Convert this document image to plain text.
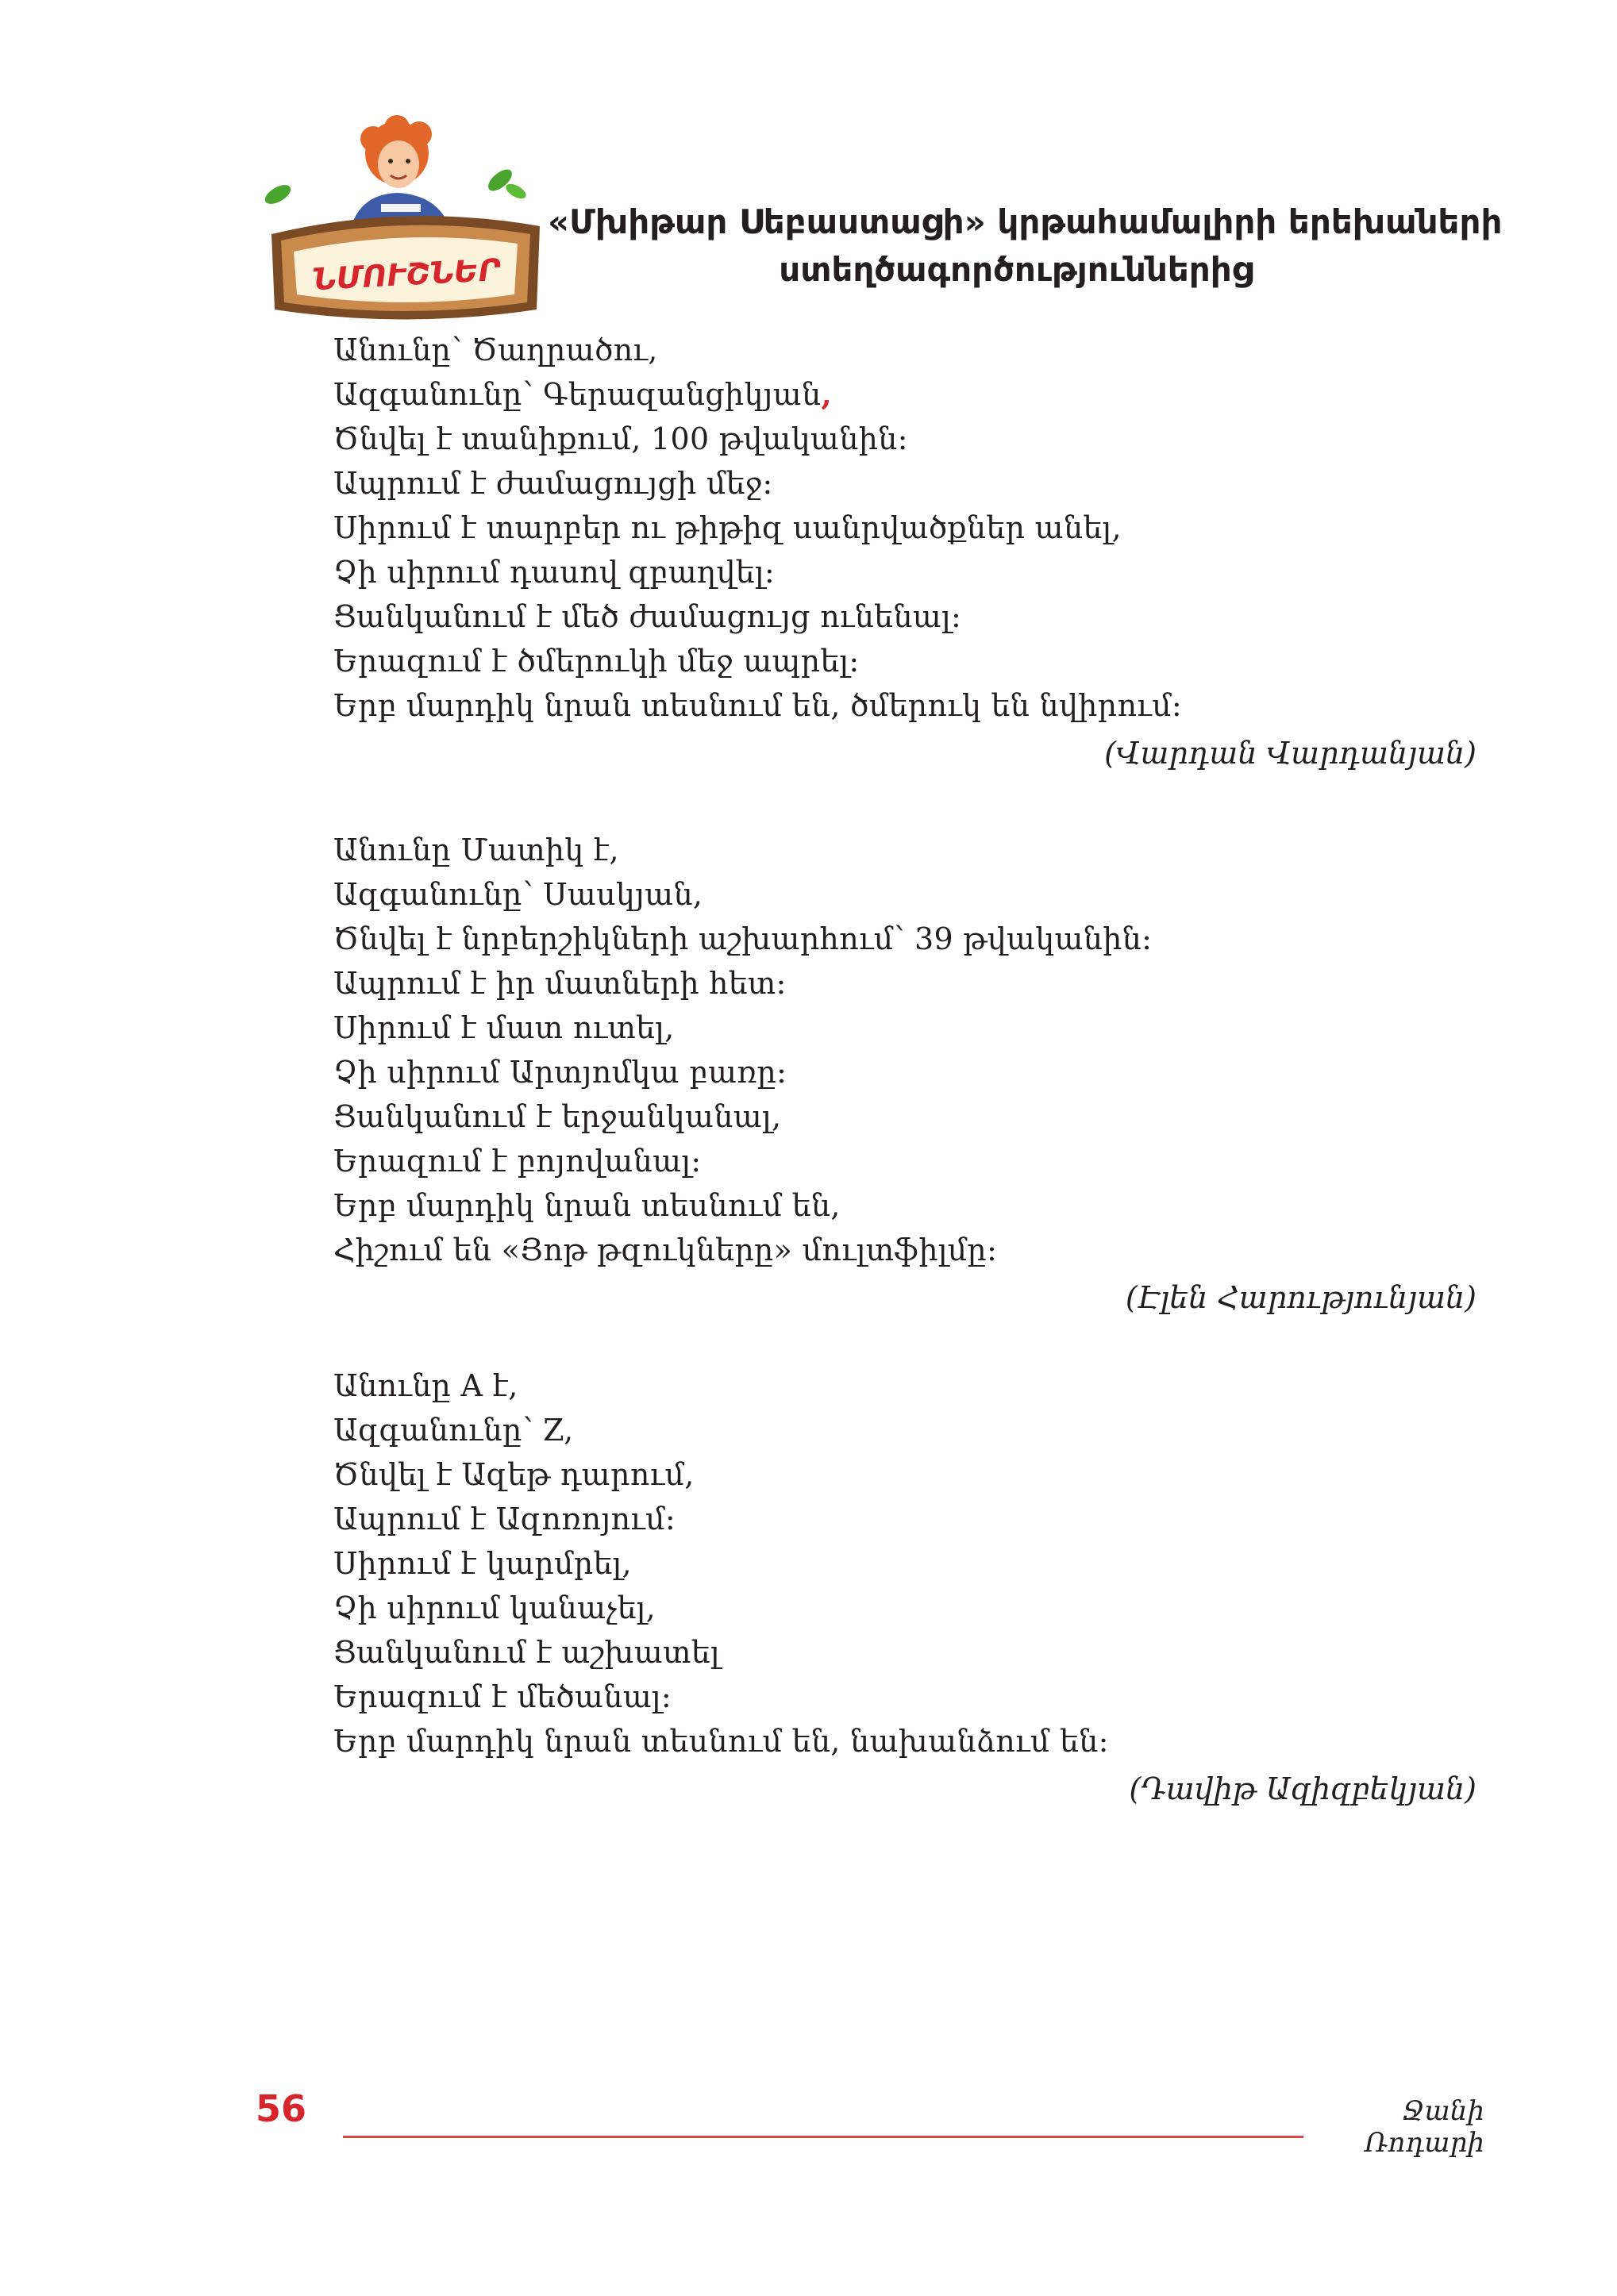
ՆՄՈՒՇՆԵՐ
«Մխիթար Սեբաստացի» կրթահամալիրի երեխաների
ստեղծագործություններից
Անունը՝ Ծաղրածու,
Ազգանունը՝ Գերազանցիկյան,
Ծնվել է տանիքում, 100 թվականին։
Ապրում է ժամացույցի մեջ։
Սիրում է տարբեր ու թիթիզ սանրվածքներ անել,
Չի սիրում դասով զբաղվել։
Ցանկանում է մեծ ժամացույց ունենալ։
Երազում է ծմերուկի մեջ ապրել։
Երբ մարդիկ նրան տեսնում են, ծմերուկ են նվիրում։
(Վարդան Վարդանյան)
Անունը Մատիկ է,
Ազգանունը՝ Սասկյան,
Ծնվել է նրբերշիկների աշխարհում՝ 39 թվականին։
Ապրում է իր մատների հետ։
Սիրում է մատ ուտել,
Չի սիրում Արտյոմկա բառը։
Ցանկանում է երջանկանալ,
Երազում է բոյովանալ։
Երբ մարդիկ նրան տեսնում են,
Հիշում են «Յոթ թզուկները» մուլտֆիլմը։
(Էլեն Հարությունյան)
Անունը A է,
Ազգանունը՝ Z,
Ծնվել է Ազեթ դարում,
Ապրում է Ազոռոյում։
Սիրում է կարմրել,
Չի սիրում կանաչել,
Ցանկանում է աշխատել
Երազում է մեծանալ։
Երբ մարդիկ նրան տեսնում են, նախանձում են։
(Դավիթ Ազիզբեկյան)
56	Ջանի Ռոդարի
